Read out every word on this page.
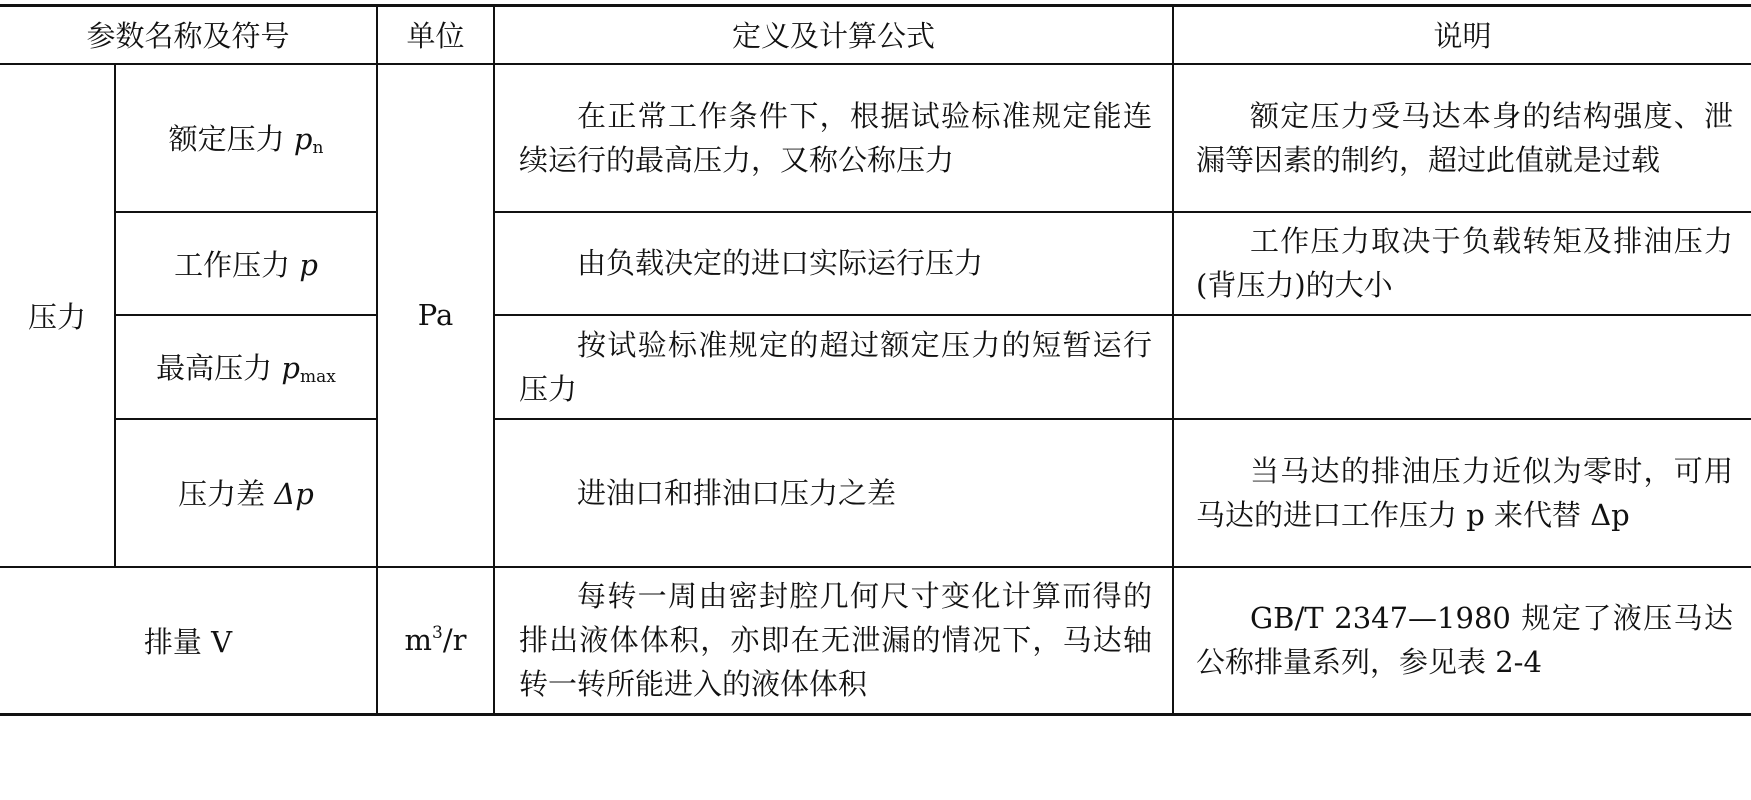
参数名称及符号		单位	定义及计算公式	说明
压力	额定压力 $p_n$	Pa	在正常工作条件下，根据试验标准规定能连续运行的最高压力，又称公称压力	额定压力受马达本身的结构强度、泄漏等因素的制约，超过此值就是过载
	工作压力 p		由负载决定的进口实际运行压力	工作压力取决于负载转矩及排油压力(背压力)的大小
	最高压力 $p_{max}$		按试验标准规定的超过额定压力的短暂运行压力	
	压力差 Δp		进油口和排油口压力之差	当马达的排油压力近似为零时，可用马达的进口工作压力 p 来代替 Δp
排量 V		$m^3/r$	每转一周由密封腔几何尺寸变化计算而得的排出液体体积，亦即在无泄漏的情况下，马达轴转一转所能进入的液体体积	GB/T 2347—1980 规定了液压马达公称排量系列，参见表 2-4
